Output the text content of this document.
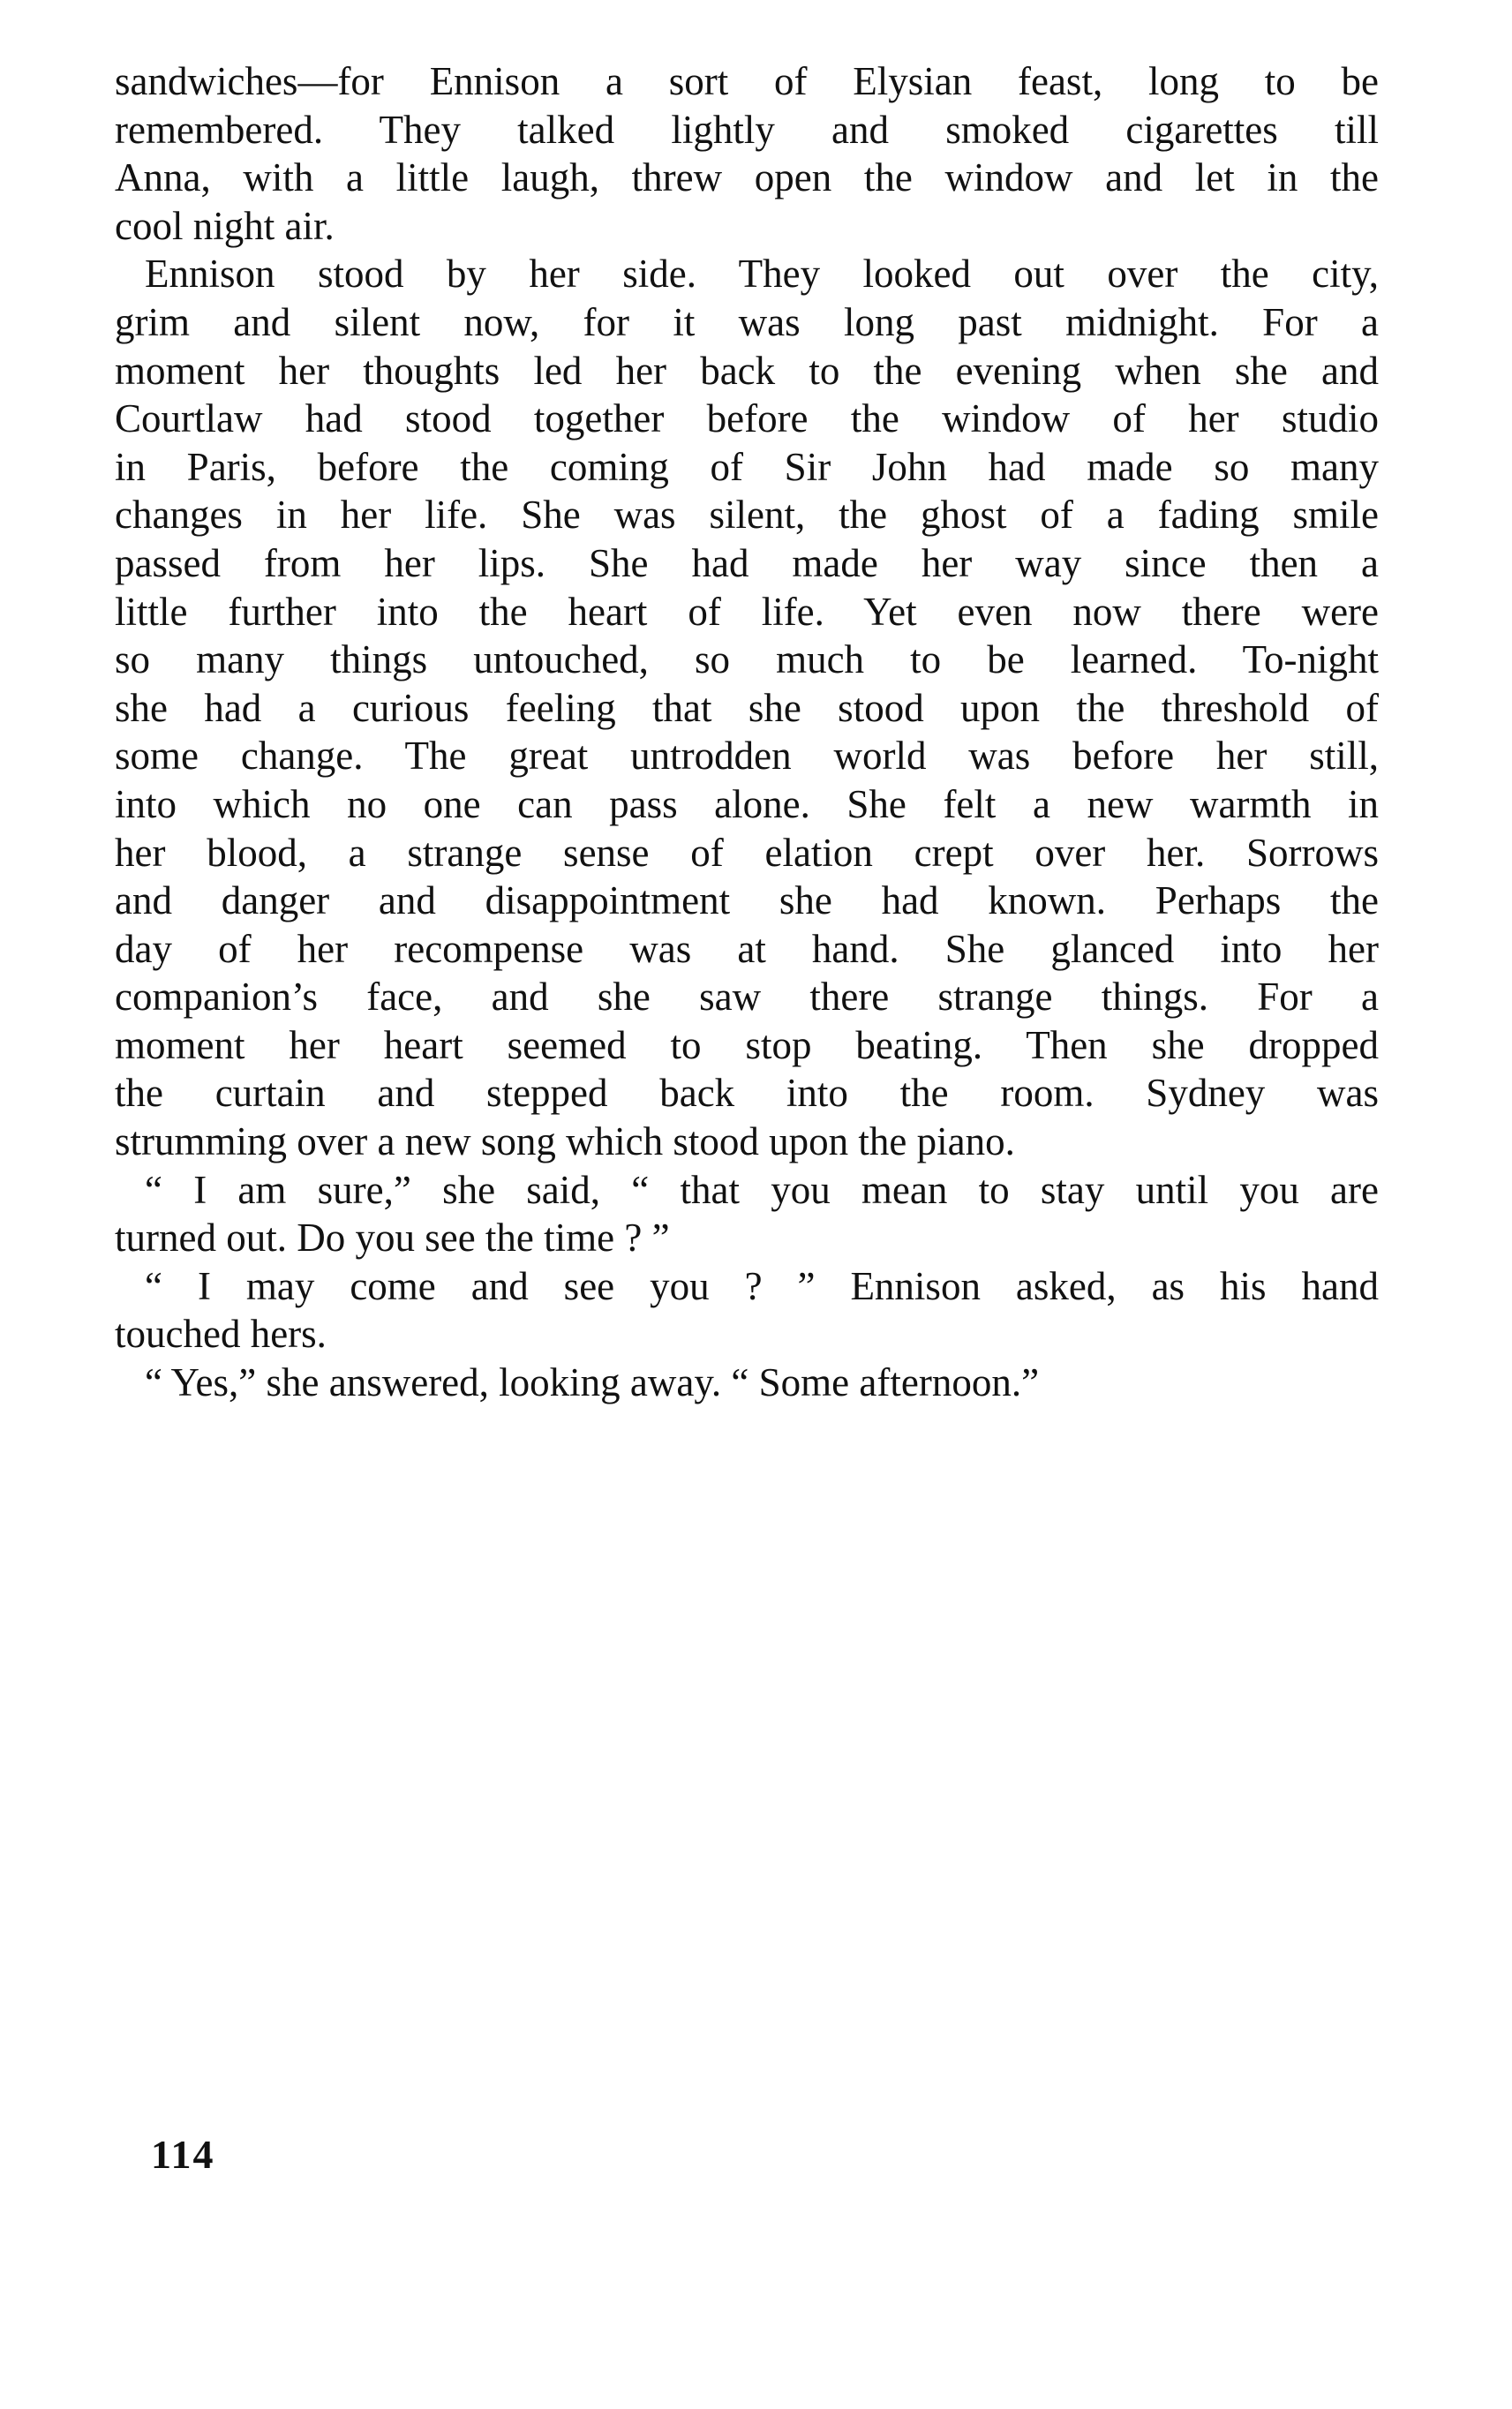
sandwiches—for Ennison a sort of Elysian feast, long to be
remembered. They talked lightly and smoked cigarettes till
Anna, with a little laugh, threw open the window and let in the
cool night air.
Ennison stood by her side. They looked out over the city,
grim and silent now, for it was long past midnight. For a
moment her thoughts led her back to the evening when she and
Courtlaw had stood together before the window of her studio
in Paris, before the coming of Sir John had made so many
changes in her life. She was silent, the ghost of a fading smile
passed from her lips. She had made her way since then a
little further into the heart of life. Yet even now there were
so many things untouched, so much to be learned. To-night
she had a curious feeling that she stood upon the threshold of
some change. The great untrodden world was before her still,
into which no one can pass alone. She felt a new warmth in
her blood, a strange sense of elation crept over her. Sorrows
and danger and disappointment she had known. Perhaps the
day of her recompense was at hand. She glanced into her
companion’s face, and she saw there strange things. For a
moment her heart seemed to stop beating. Then she dropped
the curtain and stepped back into the room. Sydney was
strumming over a new song which stood upon the piano.
“ I am sure,” she said, “ that you mean to stay until you are
turned out. Do you see the time ? ”
“ I may come and see you ? ” Ennison asked, as his hand
touched hers.
“ Yes,” she answered, looking away. “ Some afternoon.”
114
